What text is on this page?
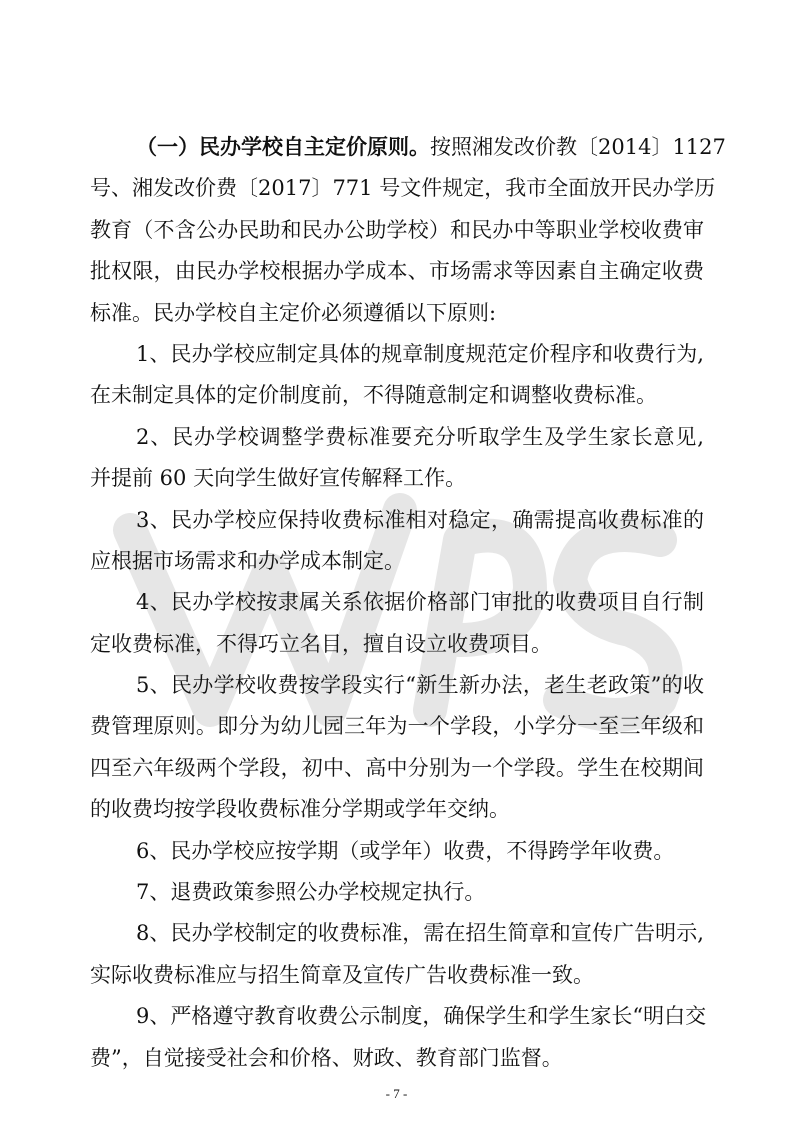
（一）民办学校自主定价原则。按照湘发改价教〔2014〕1127
号、湘发改价费〔2017〕771 号文件规定，我市全面放开民办学历
教育（不含公办民助和民办公助学校）和民办中等职业学校收费审
批权限，由民办学校根据办学成本、市场需求等因素自主确定收费
标准。民办学校自主定价必须遵循以下原则:
1、民办学校应制定具体的规章制度规范定价程序和收费行为,
在未制定具体的定价制度前，不得随意制定和调整收费标准。
2、民办学校调整学费标准要充分听取学生及学生家长意见,
并提前 60 天向学生做好宣传解释工作。
3、民办学校应保持收费标准相对稳定，确需提高收费标准的
应根据市场需求和办学成本制定。
4、民办学校按隶属关系依据价格部门审批的收费项目自行制
定收费标准，不得巧立名目，擅自设立收费项目。
5、民办学校收费按学段实行“新生新办法，老生老政策”的收
费管理原则。即分为幼儿园三年为一个学段，小学分一至三年级和
四至六年级两个学段，初中、高中分别为一个学段。学生在校期间
的收费均按学段收费标准分学期或学年交纳。
6、民办学校应按学期（或学年）收费，不得跨学年收费。
7、退费政策参照公办学校规定执行。
8、民办学校制定的收费标准，需在招生简章和宣传广告明示,
实际收费标准应与招生简章及宣传广告收费标准一致。
9、严格遵守教育收费公示制度，确保学生和学生家长“明白交
费”，自觉接受社会和价格、财政、教育部门监督。
- 7 -
